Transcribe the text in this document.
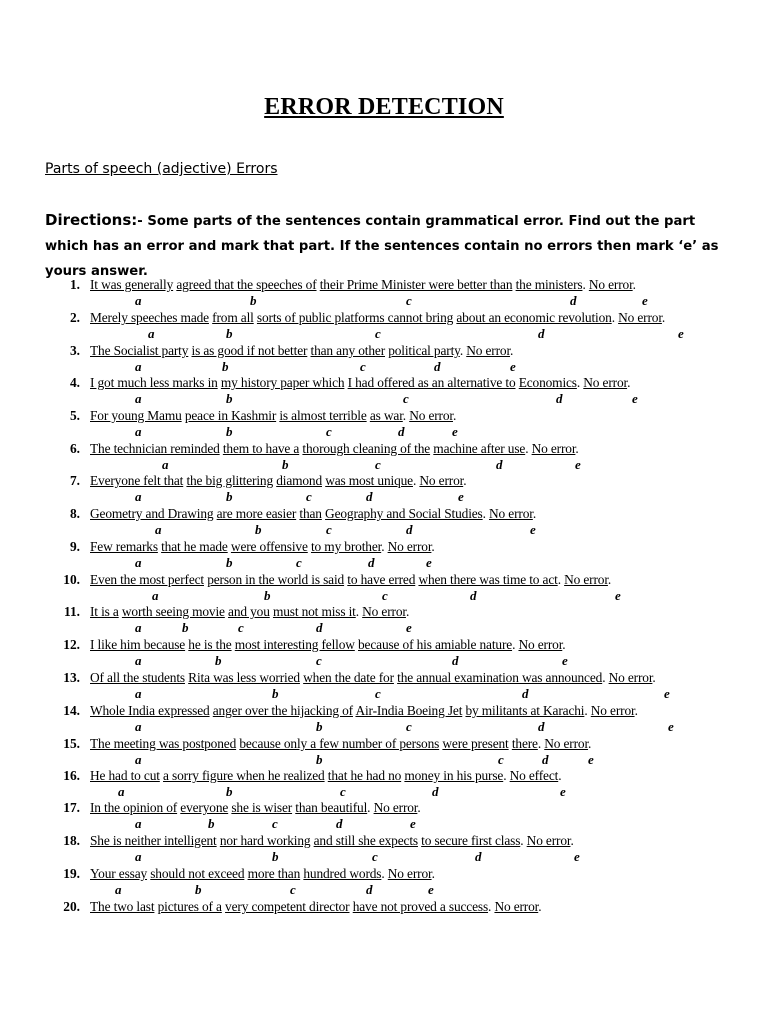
ERROR DETECTION
Parts of speech (adjective) Errors
Directions:- Some parts of the sentences contain grammatical error. Find out the part which has an error and mark that part. If the sentences contain no errors then mark ‘e’ as yours answer.
1. It was generally agreed that the speeches of their Prime Minister were better than the ministers. No error.
a	b	c	d	e
2. Merely speeches made from all sorts of public platforms cannot bring about an economic revolution. No error.
a	b	c	d	e
3. The Socialist party is as good if not better than any other political party. No error.
a	b	c	d	e
4. I got much less marks in my history paper which I had offered as an alternative to Economics. No error.
a	b	c	d	e
5. For young Mamu peace in Kashmir is almost terrible as war. No error.
a	b	c	d	e
6. The technician reminded them to have a thorough cleaning of the machine after use. No error.
a	b	c	d	e
7. Everyone felt that the big glittering diamond was most unique. No error.
a	b	c	d	e
8. Geometry and Drawing are more easier than Geography and Social Studies. No error.
a	b	c	d	e
9. Few remarks that he made were offensive to my brother. No error.
a	b	c	d	e
10. Even the most perfect person in the world is said to have erred when there was time to act. No error.
a	b	c	d	e
11. It is a worth seeing movie and you must not miss it. No error.
a	b	c	d	e
12. I like him because he is the most interesting fellow because of his amiable nature. No error.
a	b	c	d	e
13. Of all the students Rita was less worried when the date for the annual examination was announced. No error.
a	b	c	d	e
14. Whole India expressed anger over the hijacking of Air-India Boeing Jet by militants at Karachi. No error.
a	b	c	d	e
15. The meeting was postponed because only a few number of persons were present there. No error.
a	b	c	d	e
16. He had to cut a sorry figure when he realized that he had no money in his purse. No effect.
a	b	c	d	e
17. In the opinion of everyone she is wiser than beautiful. No error.
a	b	c	d	e
18. She is neither intelligent nor hard working and still she expects to secure first class. No error.
a	b	c	d	e
19. Your essay should not exceed more than hundred words. No error.
a	b	c	d	e
20. The two last pictures of a very competent director have not proved a success. No error.
